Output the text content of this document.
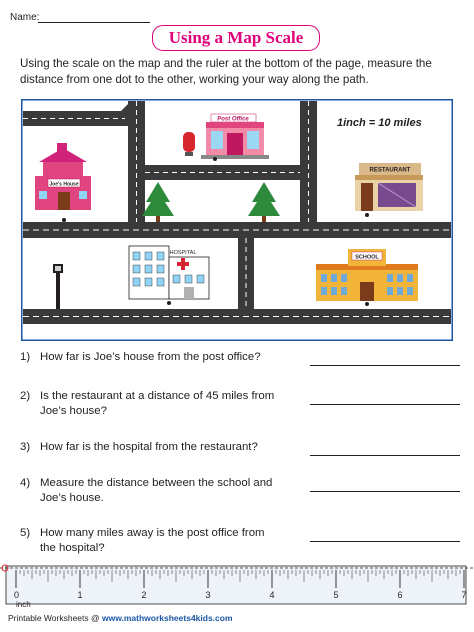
Name:
Using a Map Scale
Using the scale on the map and the ruler at the bottom of the page, measure the distance from one dot to the other, working your way along the path.
1inch = 10 miles
Joe's House
Post Office
RESTAURANT
HOSPITAL
SCHOOL
1) How far is Joe’s house from the post office?
2) Is the restaurant at a distance of 45 miles from
Joe’s house?
3) How far is the hospital from the restaurant?
4) Measure the distance between the school and
Joe’s house.
5) How many miles away is the post office from
the hospital?
0	1	2	3	4	5	6	7
inch
Printable Worksheets @ www.mathworksheets4kids.com
